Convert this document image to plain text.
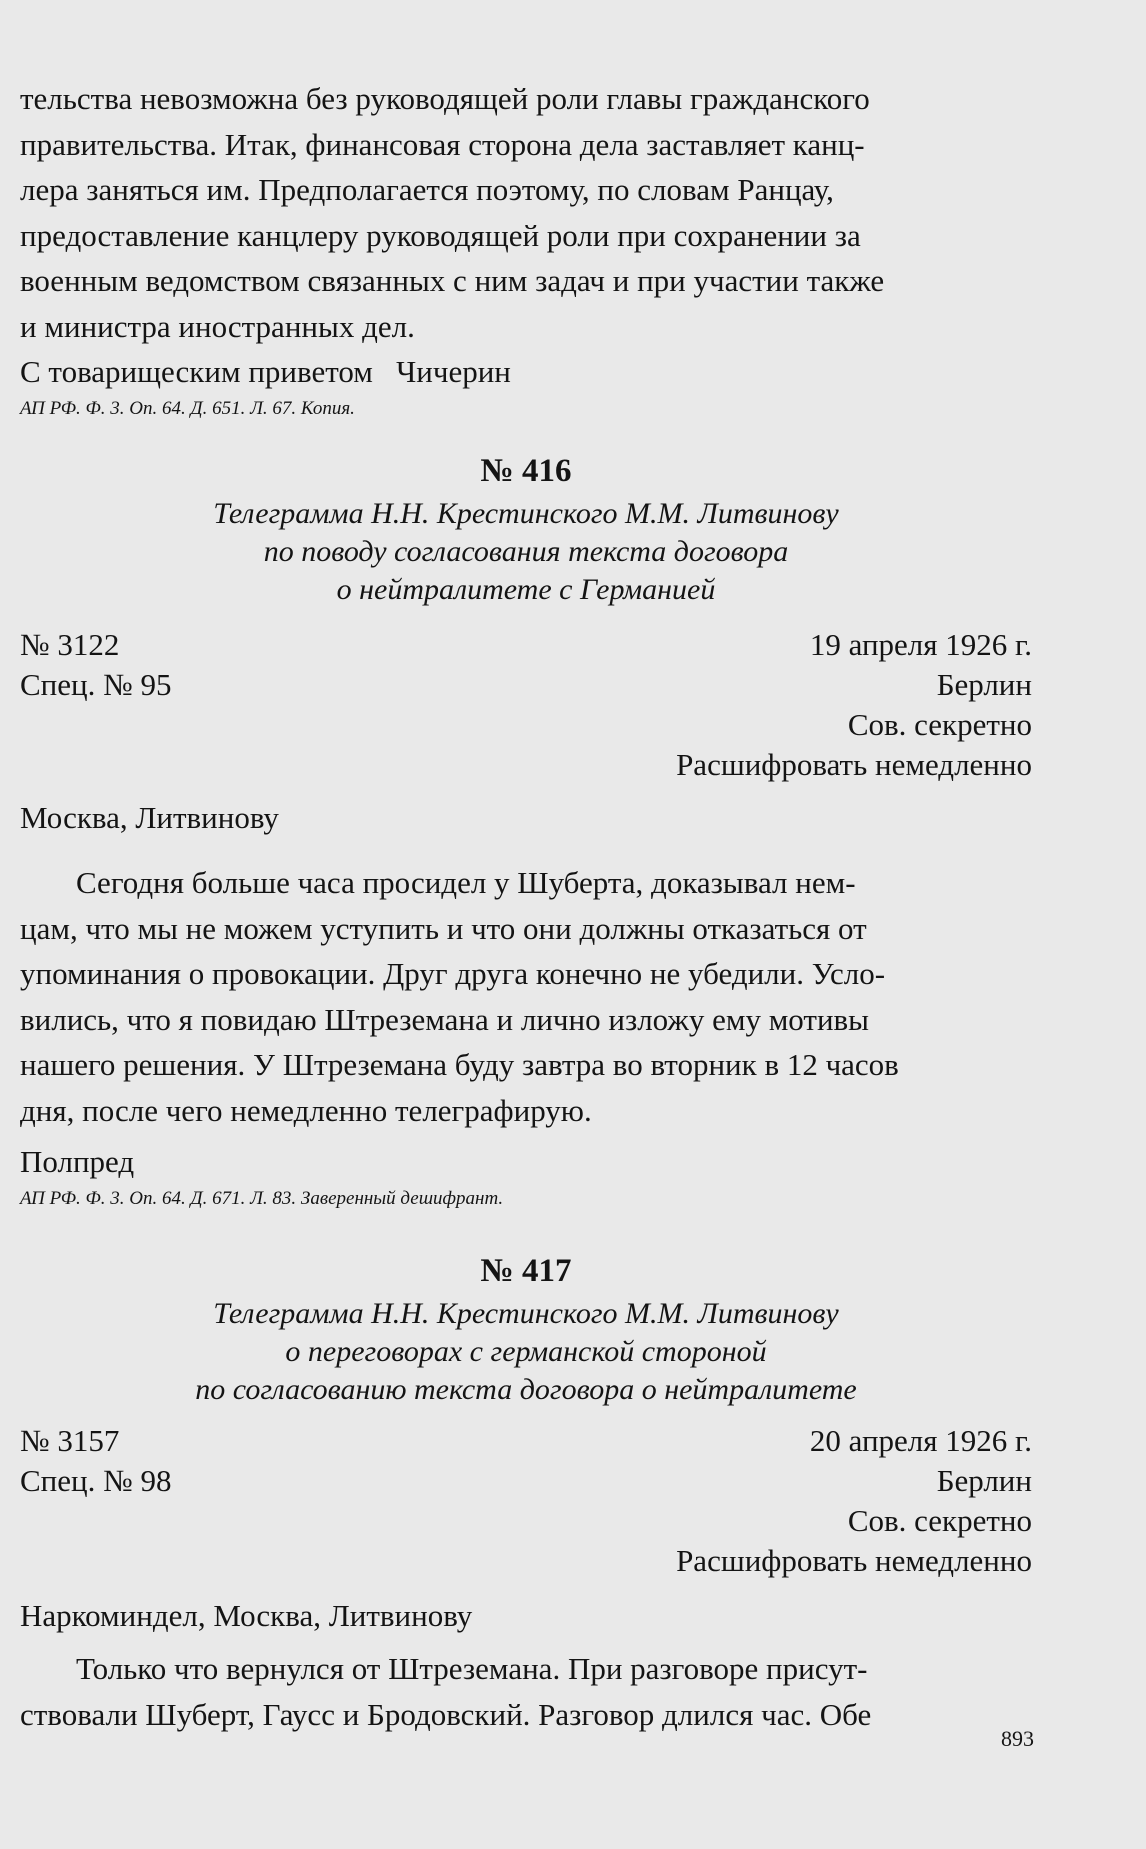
тельства невозможна без руководящей роли главы гражданского
правительства. Итак, финансовая сторона дела заставляет канц-
лера заняться им. Предполагается поэтому, по словам Ранцау,
предоставление канцлеру руководящей роли при сохранении за
военным ведомством связанных с ним задач и при участии также
и министра иностранных дел.
С товарищеским приветом   Чичерин
АП РФ. Ф. 3. Оп. 64. Д. 651. Л. 67. Копия.
№ 416
Телеграмма Н.Н. Крестинского М.М. Литвинову
по поводу согласования текста договора
о нейтралитете с Германией
№ 3122	19 апреля 1926 г.
Спец. № 95	Берлин
Сов. секретно
Расшифровать немедленно
Москва, Литвинову
Сегодня больше часа просидел у Шуберта, доказывал нем-
цам, что мы не можем уступить и что они должны отказаться от
упоминания о провокации. Друг друга конечно не убедили. Усло-
вились, что я повидаю Штреземана и лично изложу ему мотивы
нашего решения. У Штреземана буду завтра во вторник в 12 часов
дня, после чего немедленно телеграфирую.
Полпред
АП РФ. Ф. 3. Оп. 64. Д. 671. Л. 83. Заверенный дешифрант.
№ 417
Телеграмма Н.Н. Крестинского М.М. Литвинову
о переговорах с германской стороной
по согласованию текста договора о нейтралитете
№ 3157	20 апреля 1926 г.
Спец. № 98	Берлин
Сов. секретно
Расшифровать немедленно
Наркоминдел, Москва, Литвинову
Только что вернулся от Штреземана. При разговоре присут-
ствовали Шуберт, Гаусс и Бродовский. Разговор длился час. Обе
893
